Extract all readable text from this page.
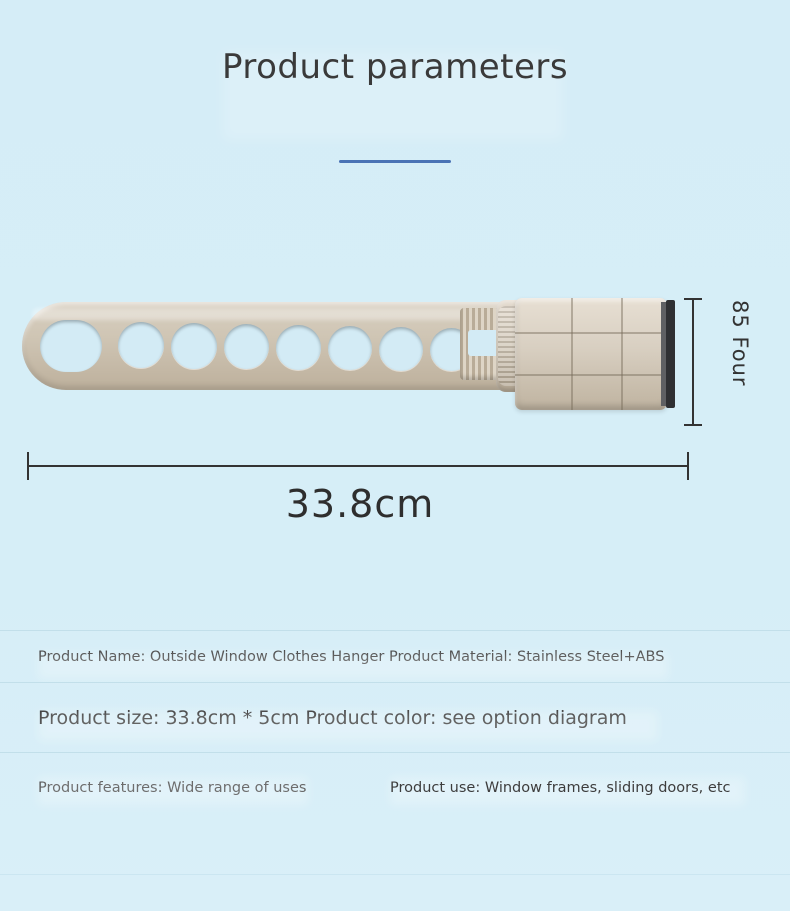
Product parameters
85 Four
33.8cm
Product Name: Outside Window Clothes Hanger Product Material: Stainless Steel+ABS
Product size: 33.8cm * 5cm Product color: see option diagram
Product features: Wide range of uses	Product use: Window frames, sliding doors, etc
